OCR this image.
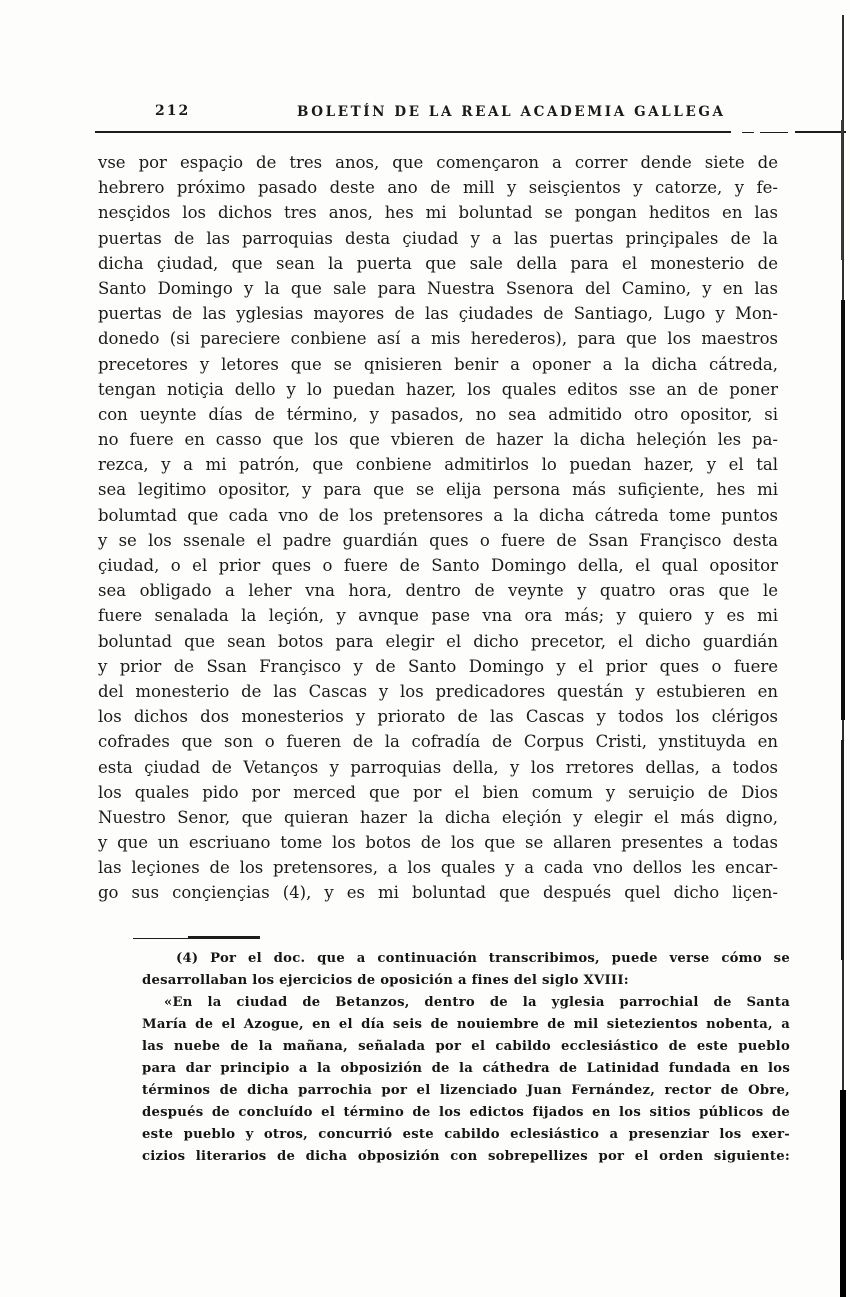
212	BOLETÍN DE LA REAL ACADEMIA GALLEGA
vse por espaçio de tres anos, que començaron a correr dende siete de
hebrero próximo pasado deste ano de mill y seisçientos y catorze, y fe-
nesçidos los dichos tres anos, hes mi boluntad se pongan heditos en las
puertas de las parroquias desta çiudad y a las puertas prinçipales de la
dicha çiudad, que sean la puerta que sale della para el monesterio de
Santo Domingo y la que sale para Nuestra Ssenora del Camino, y en las
puertas de las yglesias mayores de las çiudades de Santiago, Lugo y Mon-
donedo (si pareciere conbiene así a mis herederos), para que los maestros
precetores y letores que se qnisieren benir a oponer a la dicha cátreda,
tengan notiçia dello y lo puedan hazer, los quales editos sse an de poner
con ueynte días de término, y pasados, no sea admitido otro opositor, si
no fuere en casso que los que vbieren de hazer la dicha heleçión les pa-
rezca, y a mi patrón, que conbiene admitirlos lo puedan hazer, y el tal
sea legitimo opositor, y para que se elija persona más sufiçiente, hes mi
bolumtad que cada vno de los pretensores a la dicha cátreda tome puntos
y se los ssenale el padre guardián ques o fuere de Ssan Françisco desta
çiudad, o el prior ques o fuere de Santo Domingo della, el qual opositor
sea obligado a leher vna hora, dentro de veynte y quatro oras que le
fuere senalada la leçión, y avnque pase vna ora más; y quiero y es mi
boluntad que sean botos para elegir el dicho precetor, el dicho guardián
y prior de Ssan Françisco y de Santo Domingo y el prior ques o fuere
del monesterio de las Cascas y los predicadores questán y estubieren en
los dichos dos monesterios y priorato de las Cascas y todos los clérigos
cofrades que son o fueren de la cofradía de Corpus Cristi, ynstituyda en
esta çiudad de Vetanços y parroquias della, y los rretores dellas, a todos
los quales pido por merced que por el bien comum y seruiçio de Dios
Nuestro Senor, que quieran hazer la dicha eleçión y elegir el más digno,
y que un escriuano tome los botos de los que se allaren presentes a todas
las leçiones de los pretensores, a los quales y a cada vno dellos les encar-
go sus conçiençias (4), y es mi boluntad que después quel dicho liçen-
(4) Por el doc. que a continuación transcribimos, puede verse cómo se
desarrollaban los ejercicios de oposición a fines del siglo XVIII:
«En la ciudad de Betanzos, dentro de la yglesia parrochial de Santa
María de el Azogue, en el día seis de nouiembre de mil sietezientos nobenta, a
las nuebe de la mañana, señalada por el cabildo ecclesiástico de este pueblo
para dar principio a la obposizión de la cáthedra de Latinidad fundada en los
términos de dicha parrochia por el lizenciado Juan Fernández, rector de Obre,
después de concluído el término de los edictos fijados en los sitios públicos de
este pueblo y otros, concurrió este cabildo eclesiástico a presenziar los exer-
cizios literarios de dicha obposizión con sobrepellizes por el orden siguiente:
